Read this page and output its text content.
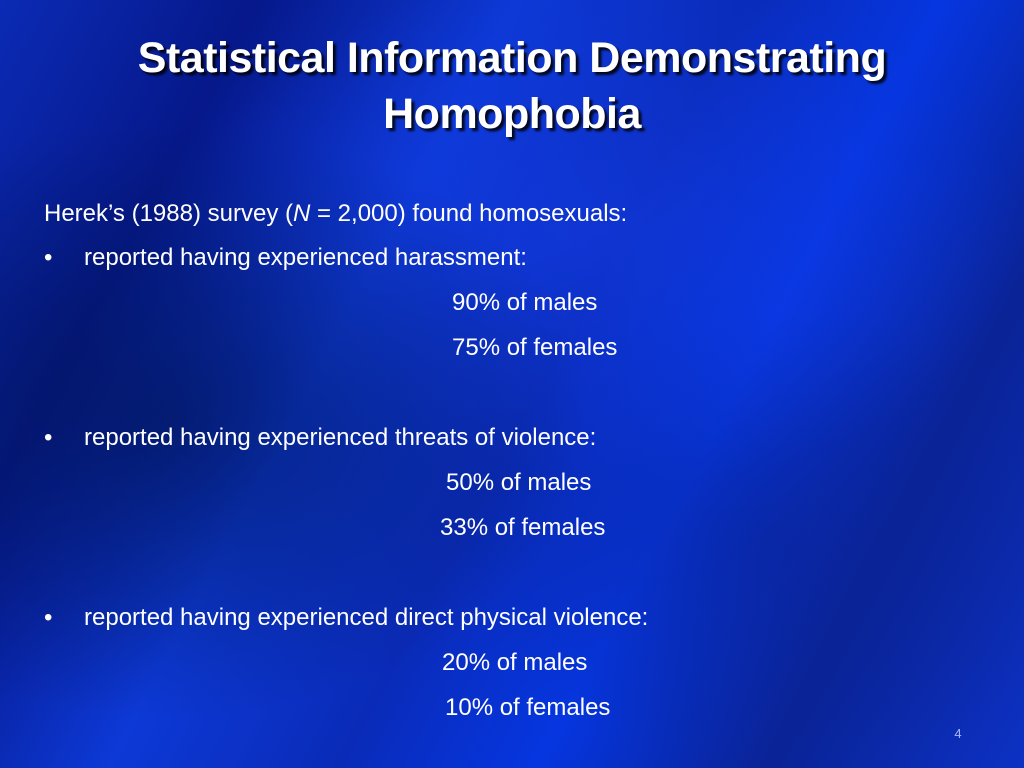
Statistical Information Demonstrating Homophobia
Herek’s (1988) survey (N = 2,000) found homosexuals:
• reported having experienced harassment:
90% of males
75% of females
• reported having experienced threats of violence:
50% of males
33% of females
• reported having experienced direct physical violence:
20% of males
10% of females
4
